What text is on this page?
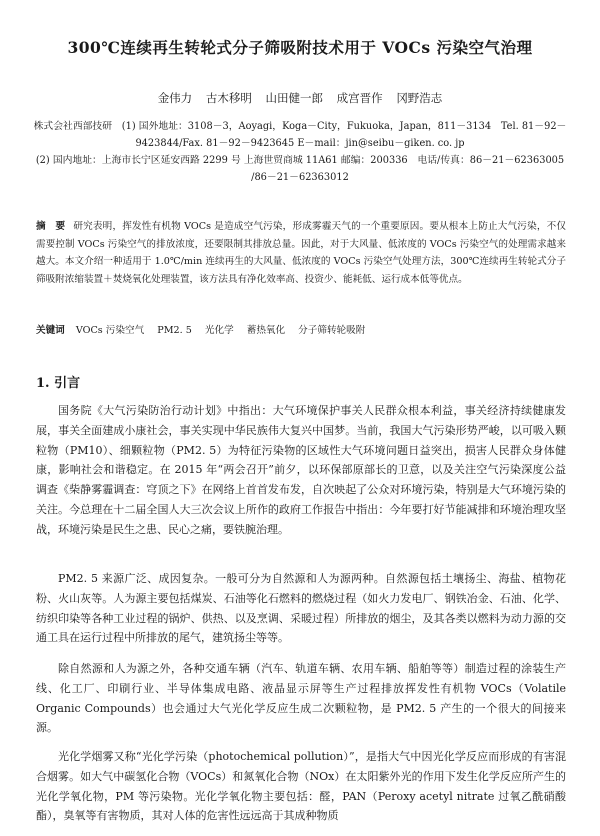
300℃连续再生转轮式分子筛吸附技术用于 VOCs 污染空气治理
金伟力 古木移明 山田健一郎 成宫晋作 冈野浩志
株式会社西部技研　(1) 国外地址：3108－3，Aoyagi，Koga－City，Fukuoka，Japan，811－3134　Tel. 81－92－9423844/Fax. 81－92－9423645 E－mail：jin@seibu－giken. co. jp
(2) 国内地址：上海市长宁区延安西路 2299 号 上海世贸商城 11A61 邮编：200336　电话/传真：86－21－62363005 /86－21－62363012
摘　要 研究表明，挥发性有机物 VOCs 是造成空气污染，形成雾霾天气的一个重要原因。要从根本上防止大气污染，不仅需要控制 VOCs 污染空气的排放浓度，还要限制其排放总量。因此，对于大风量、低浓度的 VOCs 污染空气的处理需求越来越大。本文介绍一种适用于 1.0℃/min 连续再生的大风量、低浓度的 VOCs 污染空气处理方法，300℃连续再生转轮式分子筛吸附浓缩装置＋焚烧氧化处理装置，该方法具有净化效率高、投资少、能耗低、运行成本低等优点。
关键词 VOCs 污染空气 PM2. 5 光化学 蓄热氧化 分子筛转轮吸附
1. 引言

国务院《大气污染防治行动计划》中指出：大气环境保护事关人民群众根本利益，事关经济持续健康发展，事关全面建成小康社会，事关实现中华民族伟大复兴中国梦。当前，我国大气污染形势严峻，以可吸入颗粒物（PM10）、细颗粒物（PM2. 5）为特征污染物的区域性大气环境问题日益突出，损害人民群众身体健康，影响社会和谐稳定。在 2015 年“两会召开”前夕，以环保部原部长的卫意，以及关注空气污染深度公益调查《柴静雾霾调查：穹顶之下》在网络上首首发布发，自次映起了公众对环境污染，特别是大气环境污染的关注。今总理在十二届全国人大三次会议上所作的政府工作报告中指出：今年要打好节能减排和环境治理攻坚战，环境污染是民生之患、民心之痛，要铁腕治理。

PM2. 5 来源广泛、成因复杂。一般可分为自然源和人为源两种。自然源包括土壤扬尘、海盐、植物花粉、火山灰等。人为源主要包括煤炭、石油等化石燃料的燃烧过程（如火力发电厂、钢铁冶金、石油、化学、纺织印染等各种工业过程的锅炉、供热、以及烹调、采暖过程）所排放的烟尘，及其各类以燃料为动力源的交通工具在运行过程中所排放的尾气，建筑扬尘等等。

除自然源和人为源之外，各种交通车辆（汽车、轨道车辆、农用车辆、船舶等等）制造过程的涂装生产线、化工厂、印刷行业、半导体集成电路、液晶显示屏等生产过程排放挥发性有机物 VOCs（Volatile Organic Compounds）也会通过大气光化学反应生成二次颗粒物，是 PM2. 5 产生的一个很大的间接来源。

光化学烟雾又称“光化学污染（photochemical pollution）”，是指大气中因光化学反应而形成的有害混合烟雾。如大气中碳氢化合物（VOCs）和氮氧化合物（NOx）在太阳紫外光的作用下发生化学反应所产生的光化学氧化物，PM 等污染物。光化学氧化物主要包括：醛，PAN（Peroxy acetyl nitrate 过氧乙酰硝酸酯），臭氧等有害物质，其对人体的危害性远远高于其成种物质
